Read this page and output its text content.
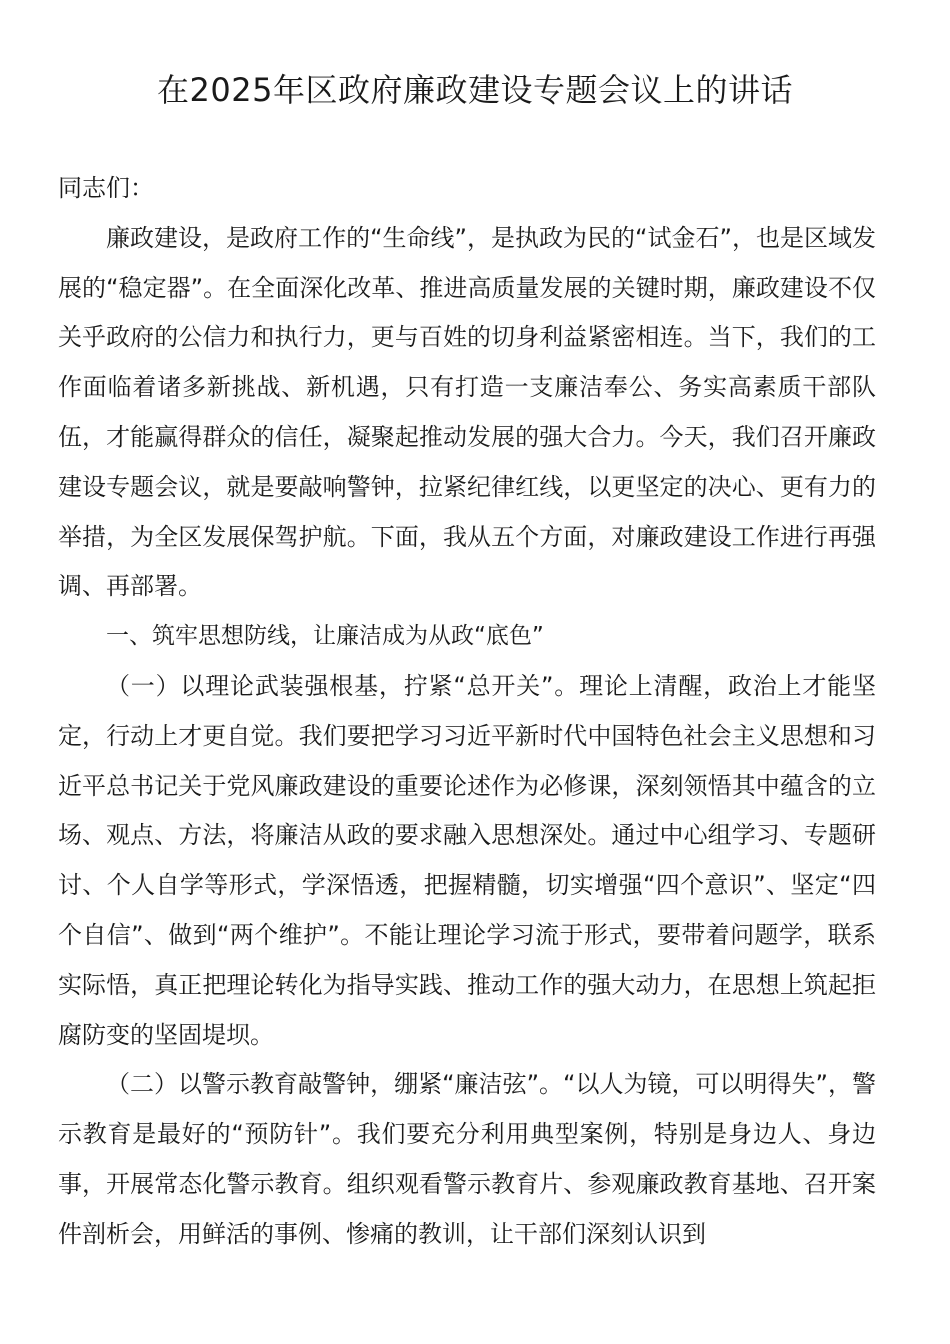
在2025年区政府廉政建设专题会议上的讲话

同志们：

廉政建设，是政府工作的“生命线”，是执政为民的“试金石”，也是区域发展的“稳定器”。在全面深化改革、推进高质量发展的关键时期，廉政建设不仅关乎政府的公信力和执行力，更与百姓的切身利益紧密相连。当下，我们的工作面临着诸多新挑战、新机遇，只有打造一支廉洁奉公、务实高素质干部队伍，才能赢得群众的信任，凝聚起推动发展的强大合力。今天，我们召开廉政建设专题会议，就是要敲响警钟，拉紧纪律红线，以更坚定的决心、更有力的举措，为全区发展保驾护航。下面，我从五个方面，对廉政建设工作进行再强调、再部署。

一、筑牢思想防线，让廉洁成为从政“底色”

（一）以理论武装强根基，拧紧“总开关”。理论上清醒，政治上才能坚定，行动上才更自觉。我们要把学习习近平新时代中国特色社会主义思想和习近平总书记关于党风廉政建设的重要论述作为必修课，深刻领悟其中蕴含的立场、观点、方法，将廉洁从政的要求融入思想深处。通过中心组学习、专题研讨、个人自学等形式，学深悟透，把握精髓，切实增强“四个意识”、坚定“四个自信”、做到“两个维护”。不能让理论学习流于形式，要带着问题学，联系实际悟，真正把理论转化为指导实践、推动工作的强大动力，在思想上筑起拒腐防变的坚固堤坝。

（二）以警示教育敲警钟，绷紧“廉洁弦”。“以人为镜，可以明得失”，警示教育是最好的“预防针”。我们要充分利用典型案例，特别是身边人、身边事，开展常态化警示教育。组织观看警示教育片、参观廉政教育基地、召开案件剖析会，用鲜活的事例、惨痛的教训，让干部们深刻认识到
